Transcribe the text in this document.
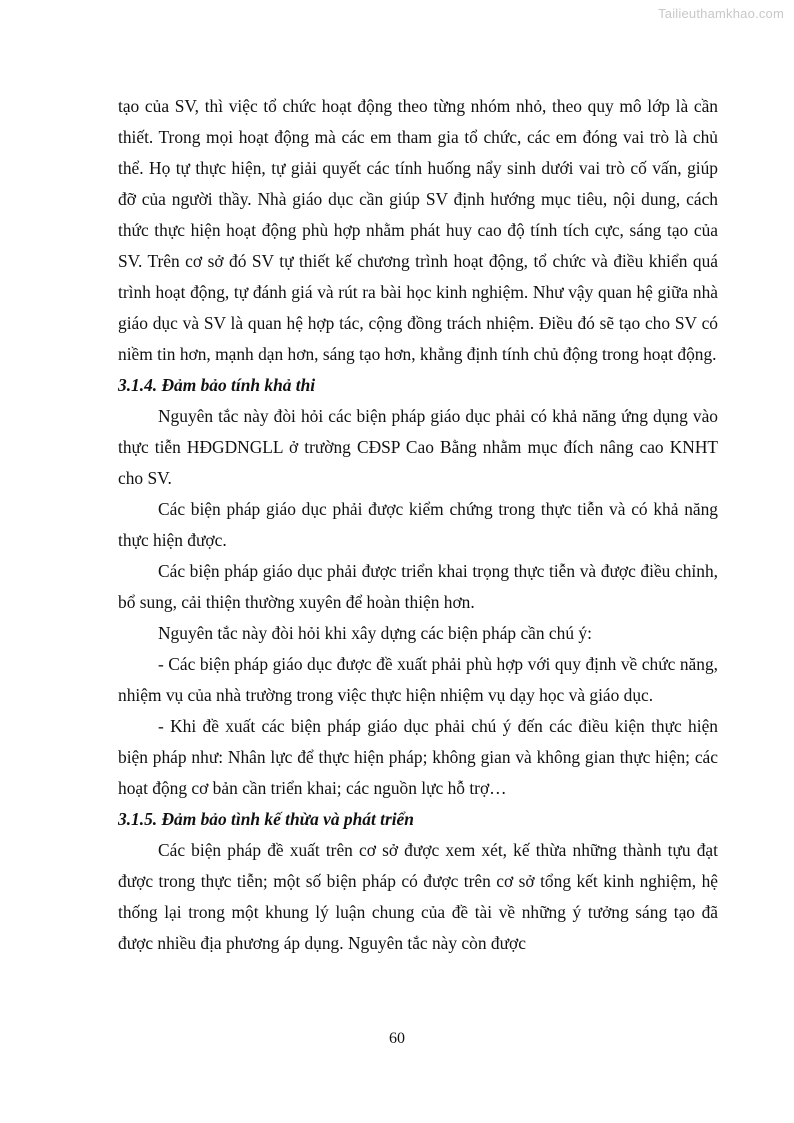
Tailieuthamkhao.com

tạo của SV, thì việc tổ chức hoạt động theo từng nhóm nhỏ, theo quy mô lớp là cần thiết. Trong mọi hoạt động mà các em tham gia tổ chức, các em đóng vai trò là chủ thể. Họ tự thực hiện, tự giải quyết các tính huống nẩy sinh dưới vai trò cố vấn, giúp đỡ của người thầy. Nhà giáo dục cần giúp SV định hướng mục tiêu, nội dung, cách thức thực hiện hoạt động phù hợp nhằm phát huy cao độ tính tích cực, sáng tạo của SV. Trên cơ sở đó SV tự thiết kế chương trình hoạt động, tổ chức và điều khiển quá trình hoạt động, tự đánh giá và rút ra bài học kinh nghiệm. Như vậy quan hệ giữa nhà giáo dục và SV là quan hệ hợp tác, cộng đồng trách nhiệm. Điều đó sẽ tạo cho SV có niềm tin hơn, mạnh dạn hơn, sáng tạo hơn, khẳng định tính chủ động trong hoạt động.

3.1.4. Đảm bảo tính khả thi

Nguyên tắc này đòi hỏi các biện pháp giáo dục phải có khả năng ứng dụng vào thực tiễn HĐGDNGLL ở trường CĐSP Cao Bằng nhằm mục đích nâng cao KNHT cho SV.

Các biện pháp giáo dục phải được kiểm chứng trong thực tiễn và có khả năng thực hiện được.

Các biện pháp giáo dục phải được triển khai trọng thực tiễn và được điều chỉnh, bổ sung, cải thiện thường xuyên để hoàn thiện hơn.

Nguyên tắc này đòi hỏi khi xây dựng các biện pháp cần chú ý:

- Các biện pháp giáo dục được đề xuất phải phù hợp với quy định về chức năng, nhiệm vụ của nhà trường trong việc thực hiện nhiệm vụ dạy học và giáo dục.

- Khi đề xuất các biện pháp giáo dục phải chú ý đến các điều kiện thực hiện biện pháp như: Nhân lực để thực hiện pháp; không gian và không gian thực hiện; các hoạt động cơ bản cần triển khai; các nguồn lực hỗ trợ…

3.1.5. Đảm bảo tình kế thừa và phát triển

Các biện pháp đề xuất trên cơ sở được xem xét, kế thừa những thành tựu đạt được trong thực tiễn; một số biện pháp có được trên cơ sở tổng kết kinh nghiệm, hệ thống lại trong một khung lý luận chung của đề tài về những ý tưởng sáng tạo đã được nhiều địa phương áp dụng. Nguyên tắc này còn được

60
